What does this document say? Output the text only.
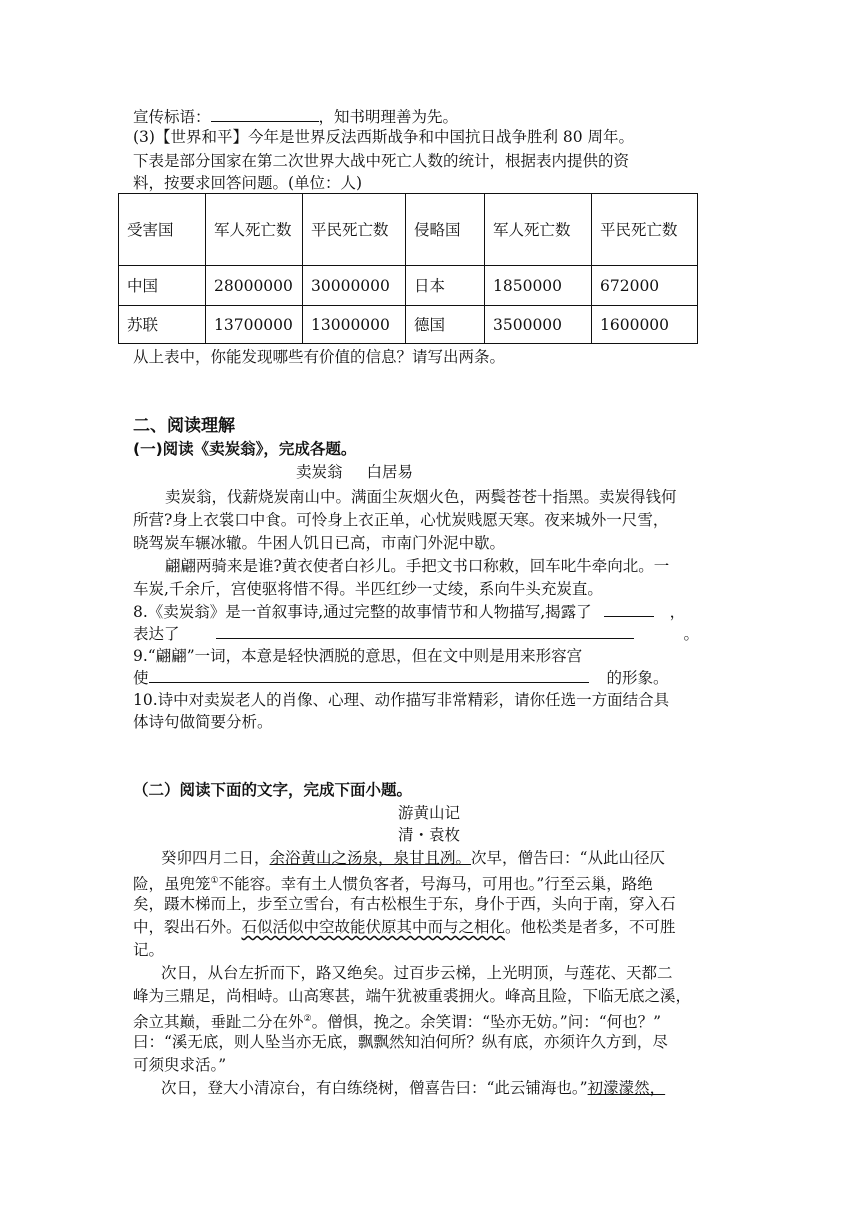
宣传标语：	，知书明理善为先。
(3)【世界和平】今年是世界反法西斯战争和中国抗日战争胜利 80 周年。
下表是部分国家在第二次世界大战中死亡人数的统计，根据表内提供的资
料，按要求回答问题。(单位：人)
受害国	军人死亡数	平民死亡数	侵略国	军人死亡数	平民死亡数
中国	28000000	30000000	日本	1850000	672000
苏联	13700000	13000000	德国	3500000	1600000
从上表中，你能发现哪些有价值的信息？请写出两条。
二、阅读理解
(一)阅读《卖炭翁》，完成各题。
卖炭翁 白居易
卖炭翁，伐薪烧炭南山中。满面尘灰烟火色，两鬓苍苍十指黑。卖炭得钱何
所营?身上衣裳口中食。可怜身上衣正单，心忧炭贱愿天寒。夜来城外一尺雪，
晓驾炭车辗冰辙。牛困人饥日已高，市南门外泥中歇。
翩翩两骑来是谁?黄衣使者白衫儿。手把文书口称敕，回车叱牛牵向北。一
车炭,千余斤，宫使驱将惜不得。半匹红纱一丈绫，系向牛头充炭直。
8.《卖炭翁》是一首叙事诗,通过完整的故事情节和人物描写,揭露了	，
表达了	。
9.“翩翩”一词，本意是轻快洒脱的意思，但在文中则是用来形容宫
使	的形象。
10.诗中对卖炭老人的肖像、心理、动作描写非常精彩，请你任选一方面结合具
体诗句做简要分析。
（二）阅读下面的文字，完成下面小题。
游黄山记
清・袁枚
癸卯四月二日，余浴黄山之汤泉，泉甘且冽。次早，僧告曰：“从此山径仄
险，虽兜笼①不能容。幸有土人惯负客者，号海马，可用也。”行至云巢，路绝
矣，蹑木梯而上，步至立雪台，有古松根生于东，身仆于西，头向于南，穿入石
中，裂出石外。石似活似中空故能伏原其中而与之相化。他松类是者多，不可胜
记。
次日，从台左折而下，路又绝矣。过百步云梯，上光明顶，与莲花、天都二
峰为三鼎足，尚相峙。山高寒甚，端午犹被重裘拥火。峰高且险，下临无底之溪，
余立其巅，垂趾二分在外②。僧惧，挽之。余笑谓：“坠亦无妨。”问：“何也？”
曰：“溪无底，则人坠当亦无底，飘飘然知泊何所？纵有底，亦须许久方到，尽
可须臾求活。”
次日，登大小清凉台，有白练绕树，僧喜告曰：“此云铺海也。”初濛濛然，
